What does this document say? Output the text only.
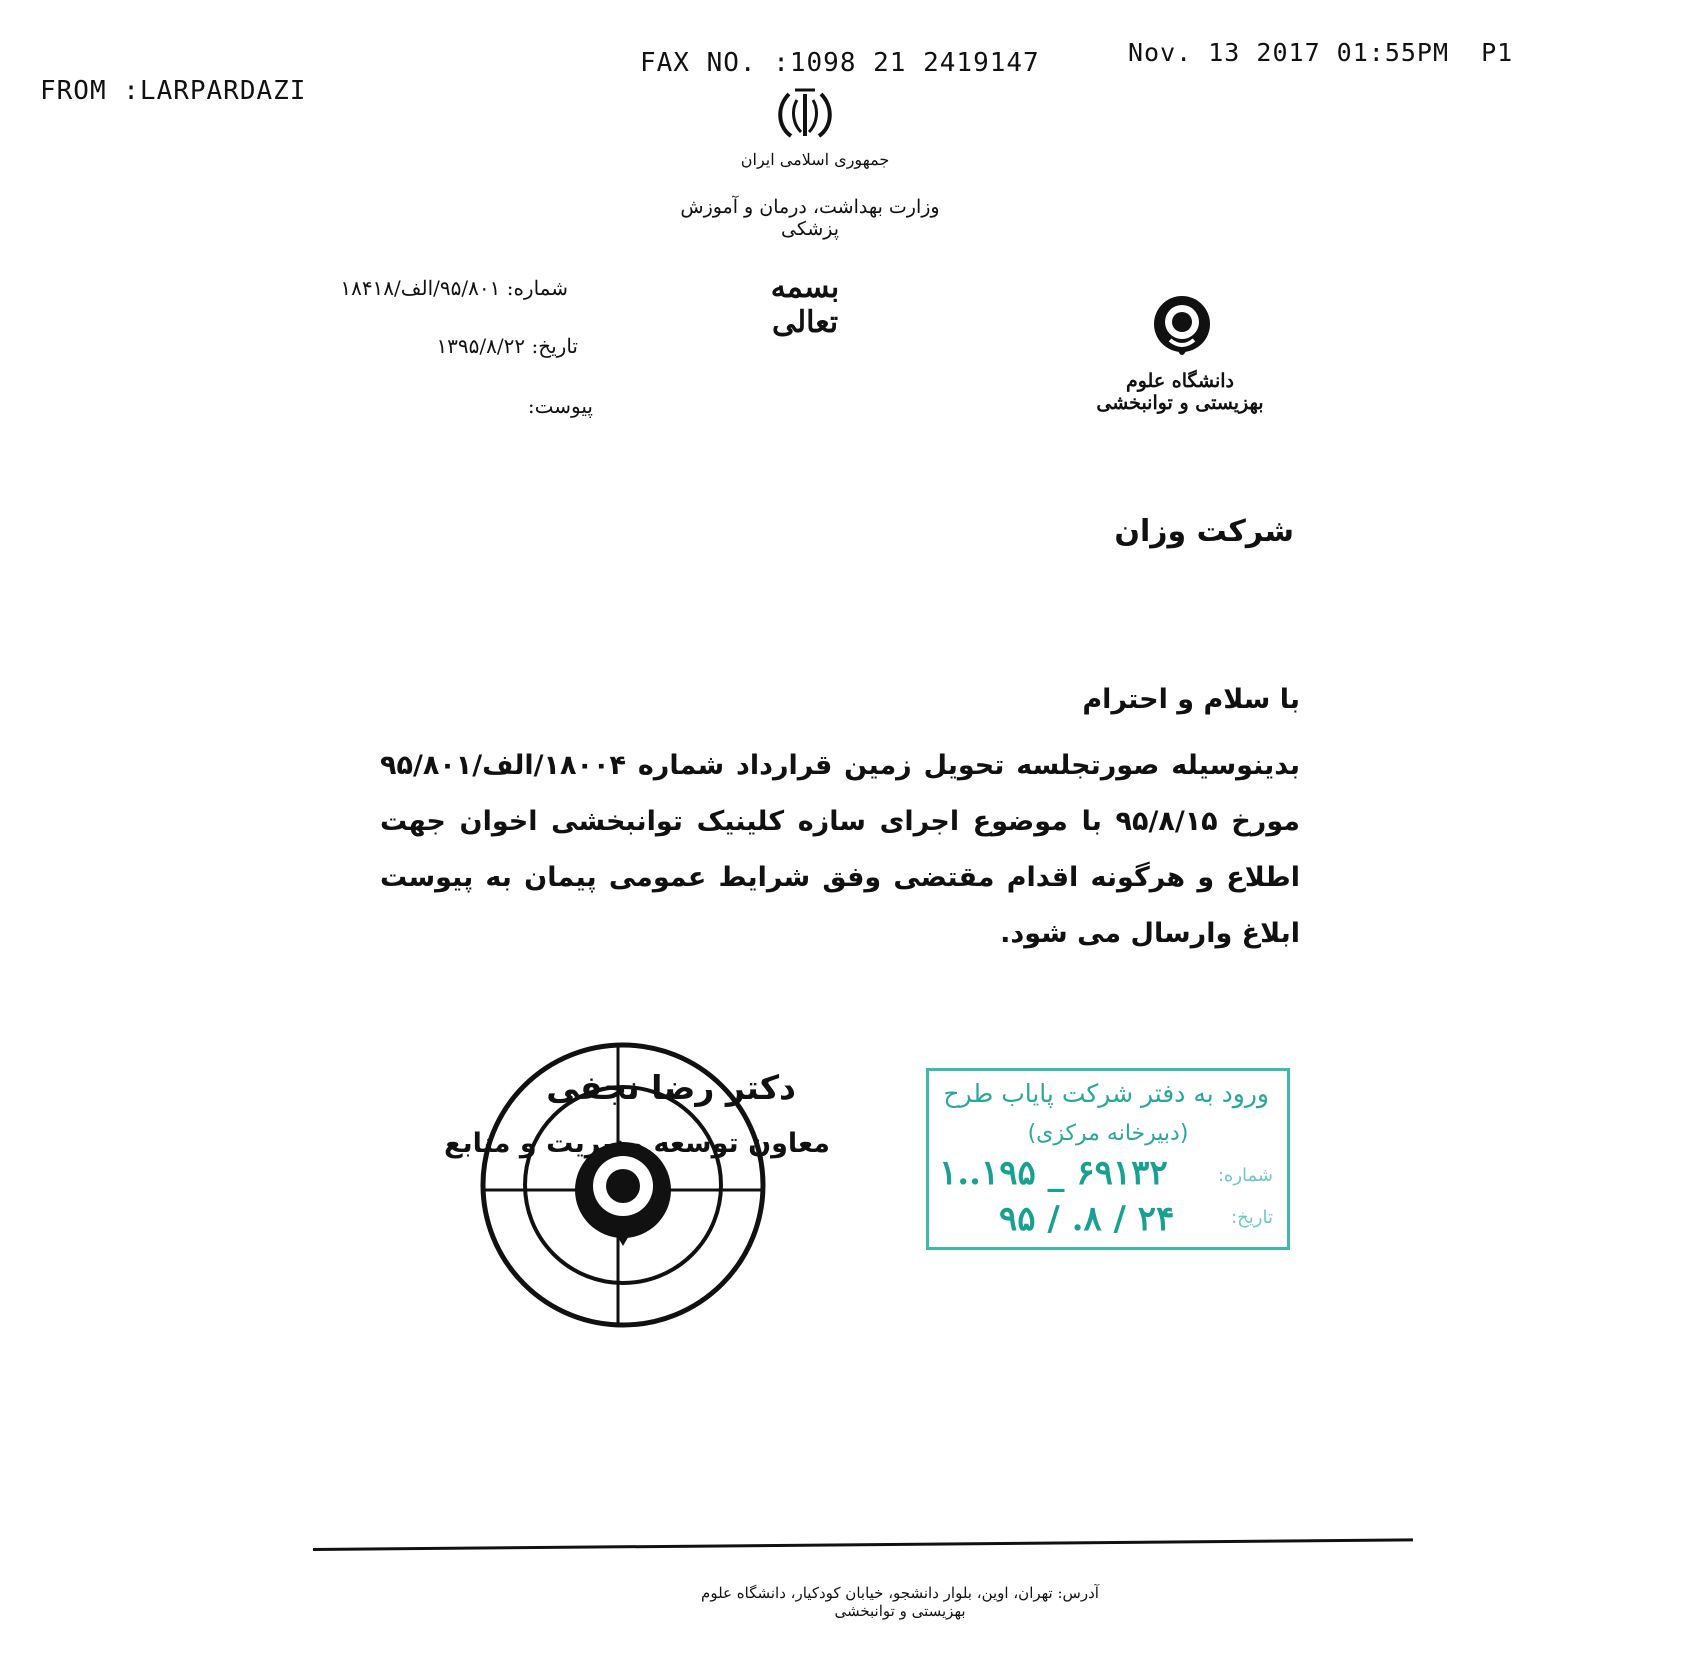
FROM :LARPARDAZI
FAX NO. :1098 21 2419147	Nov. 13 2017 01:55PM  P1
جمهوری اسلامی ایران
وزارت بهداشت، درمان و آموزش پزشکی
بسمه تعالی
شماره: ۹۵/۸۰۱/الف/۱۸۴۱۸
تاریخ: ۱۳۹۵/۸/۲۲
پیوست:
دانشگاه علوم بهزیستی و توانبخشی
شرکت وزان
با سلام و احترام
بدینوسیله صورتجلسه تحویل زمین قرارداد شماره ۱۸۰۰۴/الف/۹۵/۸۰۱ مورخ ۹۵/۸/۱۵ با موضوع اجرای سازه کلینیک توانبخشی اخوان جهت اطلاع و هرگونه اقدام مقتضی وفق شرایط عمومی پیمان به پیوست ابلاغ وارسال می شود.
دکتر رضا نجفی
معاون توسعه مدیریت و منابع
ورود به دفتر شرکت پایاب طرح
(دبیرخانه مرکزی)
شماره:
تاریخ:
۱..۱۹۵ _ ۶۹۱۳۲
۹۵ / .۸ / ۲۴
آدرس: تهران، اوین، بلوار دانشجو، خیابان کودکیار، دانشگاه علوم بهزیستی و توانبخشی
